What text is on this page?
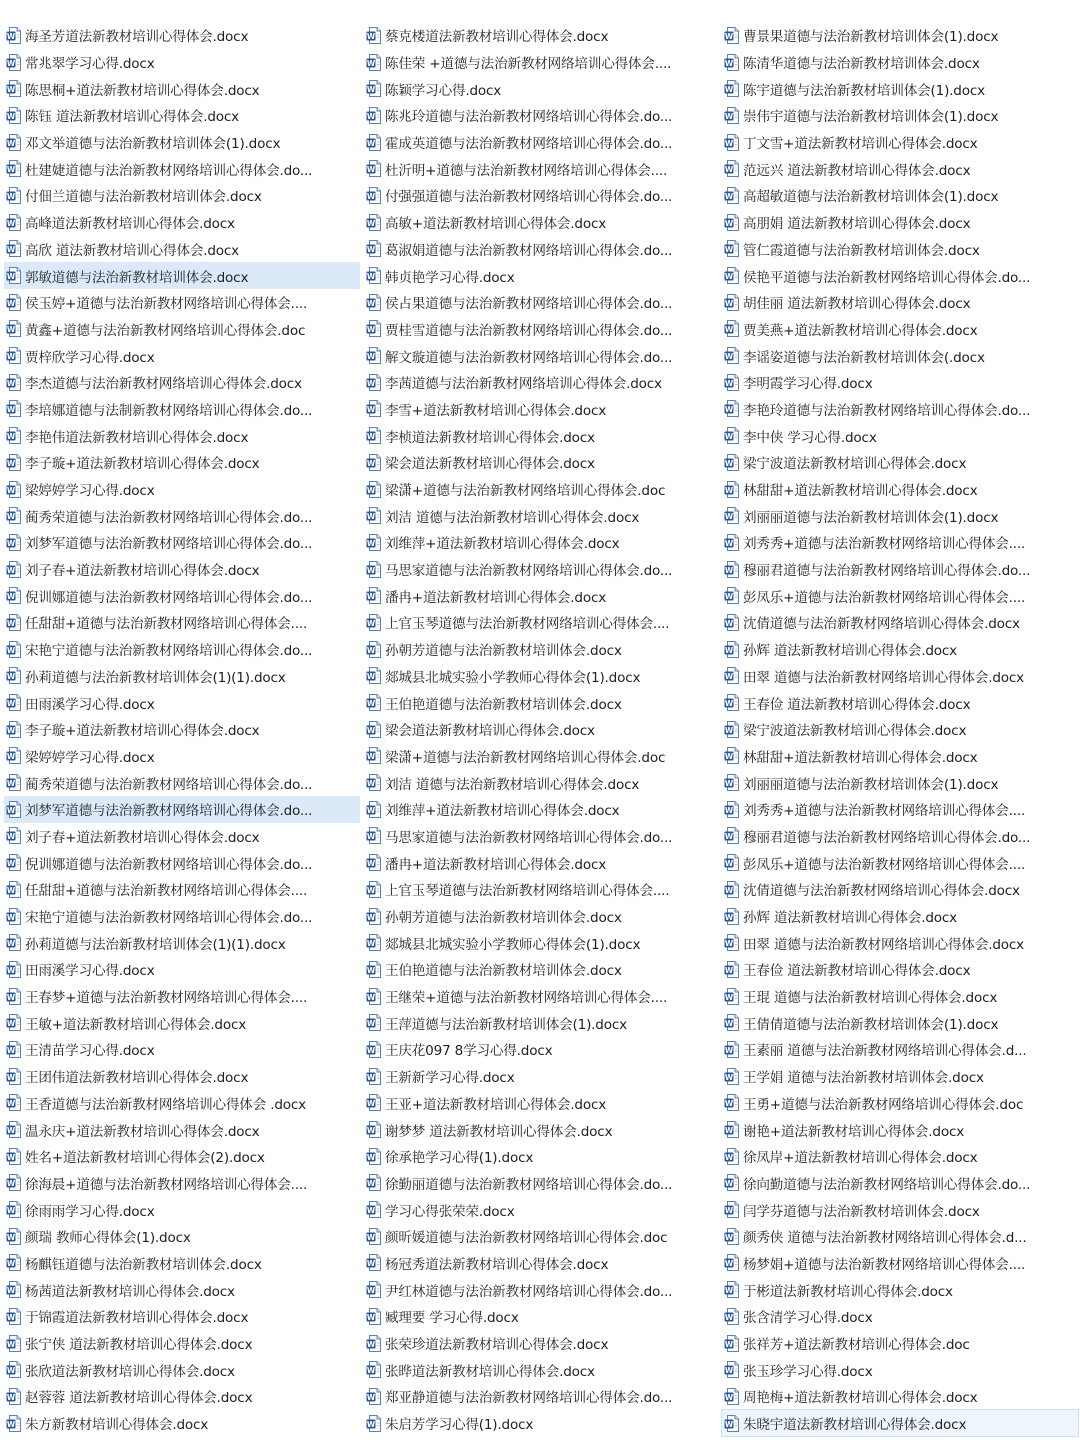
W 海圣芳道法新教材培训心得体会.docx
W 常兆翠学习心得.docx
W 陈思桐+道法新教材培训心得体会.docx
W 陈钰 道法新教材培训心得体会.docx
W 邓文举道德与法治新教材培训体会(1).docx
W 杜建婕道德与法治新教材网络培训心得体会.do...
W 付佃兰道德与法治新教材培训体会.docx
W 高峰道法新教材培训心得体会.docx
W 高欣 道法新教材培训心得体会.docx
W 郭敏道德与法治新教材培训体会.docx
W 侯玉婷+道德与法治新教材网络培训心得体会....
W 黄鑫+道德与法治新教材网络培训心得体会.doc
W 贾梓欣学习心得.docx
W 李杰道德与法治新教材网络培训心得体会.docx
W 李培娜道德与法制新教材网络培训心得体会.do...
W 李艳伟道法新教材培训心得体会.docx
W 李子璇+道法新教材培训心得体会.docx
W 梁婷婷学习心得.docx
W 蔺秀荣道德与法治新教材网络培训心得体会.do...
W 刘梦军道德与法治新教材网络培训心得体会.do...
W 刘子春+道法新教材培训心得体会.docx
W 倪训娜道德与法治新教材网络培训心得体会.do...
W 任甜甜+道德与法治新教材网络培训心得体会....
W 宋艳宁道德与法治新教材网络培训心得体会.do...
W 孙莉道德与法治新教材培训体会(1)(1).docx
W 田雨溪学习心得.docx
W 李子璇+道法新教材培训心得体会.docx
W 梁婷婷学习心得.docx
W 蔺秀荣道德与法治新教材网络培训心得体会.do...
W 刘梦军道德与法治新教材网络培训心得体会.do...
W 刘子春+道法新教材培训心得体会.docx
W 倪训娜道德与法治新教材网络培训心得体会.do...
W 任甜甜+道德与法治新教材网络培训心得体会....
W 宋艳宁道德与法治新教材网络培训心得体会.do...
W 孙莉道德与法治新教材培训体会(1)(1).docx
W 田雨溪学习心得.docx
W 王春梦+道德与法治新教材网络培训心得体会....
W 王敏+道法新教材培训心得体会.docx
W 王清苗学习心得.docx
W 王团伟道法新教材培训心得体会.docx
W 王香道德与法治新教材网络培训心得体会 .docx
W 温永庆+道法新教材培训心得体会.docx
W 姓名+道法新教材培训心得体会(2).docx
W 徐海晨+道德与法治新教材网络培训心得体会....
W 徐雨雨学习心得.docx
W 颜瑞 教师心得体会(1).docx
W 杨麒钰道德与法治新教材培训体会.docx
W 杨茜道法新教材培训心得体会.docx
W 于锦霞道法新教材培训心得体会.docx
W 张宁侠 道法新教材培训心得体会.docx
W 张欣道法新教材培训心得体会.docx
W 赵蓉蓉 道法新教材培训心得体会.docx
W 朱方新教材培训心得体会.docx
W 蔡克楼道法新教材培训心得体会.docx
W 陈佳荣 +道德与法治新教材网络培训心得体会....
W 陈颖学习心得.docx
W 陈兆玲道德与法治新教材网络培训心得体会.do...
W 霍成英道德与法治新教材网络培训心得体会.do...
W 杜沂明+道德与法治新教材网络培训心得体会....
W 付强强道德与法治新教材网络培训心得体会.do...
W 高敏+道法新教材培训心得体会.docx
W 葛淑娟道德与法治新教材网络培训心得体会.do...
W 韩贞艳学习心得.docx
W 侯占果道德与法治新教材网络培训心得体会.do...
W 贾桂雪道德与法治新教材网络培训心得体会.do...
W 解文璇道德与法治新教材网络培训心得体会.do...
W 李茜道德与法治新教材网络培训心得体会.docx
W 李雪+道法新教材培训心得体会.docx
W 李桢道法新教材培训心得体会.docx
W 梁会道法新教材培训心得体会.docx
W 梁潇+道德与法治新教材网络培训心得体会.doc
W 刘洁 道德与法治新教材培训心得体会.docx
W 刘维萍+道法新教材培训心得体会.docx
W 马思家道德与法治新教材网络培训心得体会.do...
W 潘冉+道法新教材培训心得体会.docx
W 上官玉琴道德与法治新教材网络培训心得体会....
W 孙朝芳道德与法治新教材培训体会.docx
W 郯城县北城实验小学教师心得体会(1).docx
W 王伯艳道德与法治新教材培训体会.docx
W 梁会道法新教材培训心得体会.docx
W 梁潇+道德与法治新教材网络培训心得体会.doc
W 刘洁 道德与法治新教材培训心得体会.docx
W 刘维萍+道法新教材培训心得体会.docx
W 马思家道德与法治新教材网络培训心得体会.do...
W 潘冉+道法新教材培训心得体会.docx
W 上官玉琴道德与法治新教材网络培训心得体会....
W 孙朝芳道德与法治新教材培训体会.docx
W 郯城县北城实验小学教师心得体会(1).docx
W 王伯艳道德与法治新教材培训体会.docx
W 王继荣+道德与法治新教材网络培训心得体会....
W 王萍道德与法治新教材培训体会(1).docx
W 王庆花097 8学习心得.docx
W 王新新学习心得.docx
W 王亚+道法新教材培训心得体会.docx
W 谢梦梦 道法新教材培训心得体会.docx
W 徐承艳学习心得(1).docx
W 徐勤丽道德与法治新教材网络培训心得体会.do...
W 学习心得张荣荣.docx
W 颜昕媛道德与法治新教材网络培训心得体会.doc
W 杨冠秀道法新教材培训心得体会.docx
W 尹红林道德与法治新教材网络培训心得体会.do...
W 臧理要 学习心得.docx
W 张荣珍道法新教材培训心得体会.docx
W 张晔道法新教材培训心得体会.docx
W 郑亚静道德与法治新教材网络培训心得体会.do...
W 朱启芳学习心得(1).docx
W 曹景果道德与法治新教材培训体会(1).docx
W 陈清华道德与法治新教材培训体会.docx
W 陈宇道德与法治新教材培训体会(1).docx
W 崇伟宇道德与法治新教材培训体会(1).docx
W 丁文雪+道法新教材培训心得体会.docx
W 范远兴 道法新教材培训心得体会.docx
W 高超敏道德与法治新教材培训体会(1).docx
W 高朋娟 道法新教材培训心得体会.docx
W 管仁霞道德与法治新教材培训体会.docx
W 侯艳平道德与法治新教材网络培训心得体会.do...
W 胡佳丽 道法新教材培训心得体会.docx
W 贾美燕+道法新教材培训心得体会.docx
W 李谣姿道德与法治新教材培训体会(.docx
W 李明霞学习心得.docx
W 李艳玲道德与法治新教材网络培训心得体会.do...
W 李中侠 学习心得.docx
W 梁宁波道法新教材培训心得体会.docx
W 林甜甜+道法新教材培训心得体会.docx
W 刘丽丽道德与法治新教材培训体会(1).docx
W 刘秀秀+道德与法治新教材网络培训心得体会....
W 穆丽君道德与法治新教材网络培训心得体会.do...
W 彭凤乐+道德与法治新教材网络培训心得体会....
W 沈倩道德与法治新教材网络培训心得体会.docx
W 孙辉 道法新教材培训心得体会.docx
W 田翠 道德与法治新教材网络培训心得体会.docx
W 王春俭 道法新教材培训心得体会.docx
W 梁宁波道法新教材培训心得体会.docx
W 林甜甜+道法新教材培训心得体会.docx
W 刘丽丽道德与法治新教材培训体会(1).docx
W 刘秀秀+道德与法治新教材网络培训心得体会....
W 穆丽君道德与法治新教材网络培训心得体会.do...
W 彭凤乐+道德与法治新教材网络培训心得体会....
W 沈倩道德与法治新教材网络培训心得体会.docx
W 孙辉 道法新教材培训心得体会.docx
W 田翠 道德与法治新教材网络培训心得体会.docx
W 王春俭 道法新教材培训心得体会.docx
W 王琨 道德与法治新教材培训心得体会.docx
W 王倩倩道德与法治新教材培训体会(1).docx
W 王素丽 道德与法治新教材网络培训心得体会.d...
W 王学娟 道德与法治新教材培训体会.docx
W 王勇+道德与法治新教材网络培训心得体会.doc
W 谢艳+道法新教材培训心得体会.docx
W 徐凤岸+道法新教材培训心得体会.docx
W 徐向勤道德与法治新教材网络培训心得体会.do...
W 闫学芬道德与法治新教材培训体会.docx
W 颜秀侠 道德与法治新教材网络培训心得体会.d...
W 杨梦娟+道德与法治新教材网络培训心得体会....
W 于彬道法新教材培训心得体会.docx
W 张含清学习心得.docx
W 张祥芳+道法新教材培训心得体会.doc
W 张玉珍学习心得.docx
W 周艳梅+道法新教材培训心得体会.docx
W 朱晓宇道法新教材培训心得体会.docx
